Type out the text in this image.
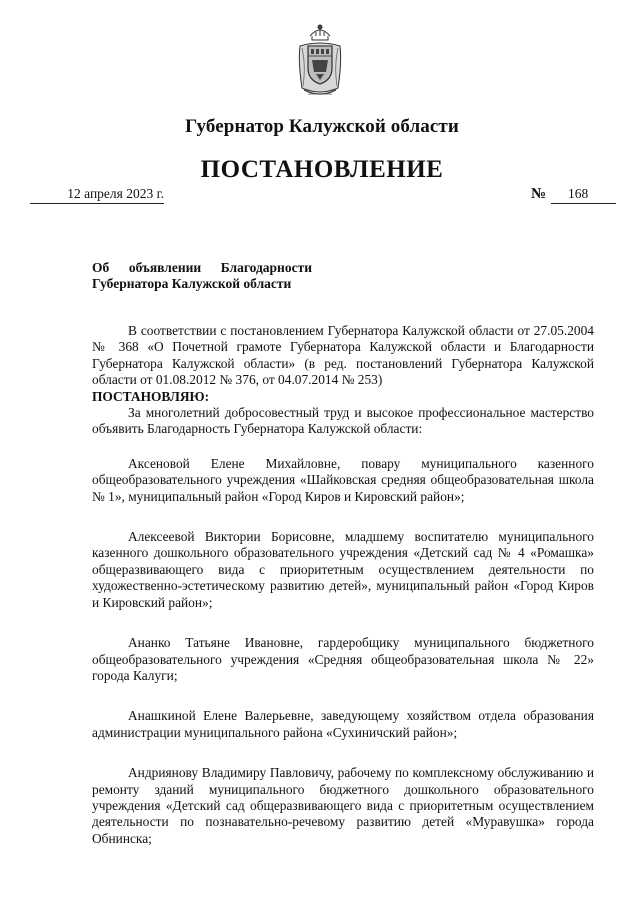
Губернатор Калужской области
ПОСТАНОВЛЕНИЕ
12 апреля 2023 г.	№	168
Об объявлении Благодарности
Губернатора Калужской области

В соответствии с постановлением Губернатора Калужской области от 27.05.2004 № 368 «О Почетной грамоте Губернатора Калужской области и Благодарности Губернатора Калужской области» (в ред. постановлений Губернатора Калужской области от 01.08.2012 № 376, от 04.07.2014 № 253)

ПОСТАНОВЛЯЮ:

За многолетний добросовестный труд и высокое профессиональное мастерство объявить Благодарность Губернатора Калужской области:

Аксеновой Елене Михайловне, повару муниципального казенного общеобразовательного учреждения «Шайковская средняя общеобразовательная школа № 1», муниципальный район «Город Киров и Кировский район»;

Алексеевой Виктории Борисовне, младшему воспитателю муниципального казенного дошкольного образовательного учреждения «Детский сад № 4 «Ромашка» общеразвивающего вида с приоритетным осуществлением деятельности по художественно-эстетическому развитию детей», муниципальный район «Город Киров и Кировский район»;

Ананко Татьяне Ивановне, гардеробщику муниципального бюджетного общеобразовательного учреждения «Средняя общеобразовательная школа № 22» города Калуги;

Анашкиной Елене Валерьевне, заведующему хозяйством отдела образования администрации муниципального района «Сухиничский район»;

Андриянову Владимиру Павловичу, рабочему по комплексному обслуживанию и ремонту зданий муниципального бюджетного дошкольного образовательного учреждения «Детский сад общеразвивающего вида с приоритетным осуществлением деятельности по познавательно-речевому развитию детей «Муравушка» города Обнинска;
